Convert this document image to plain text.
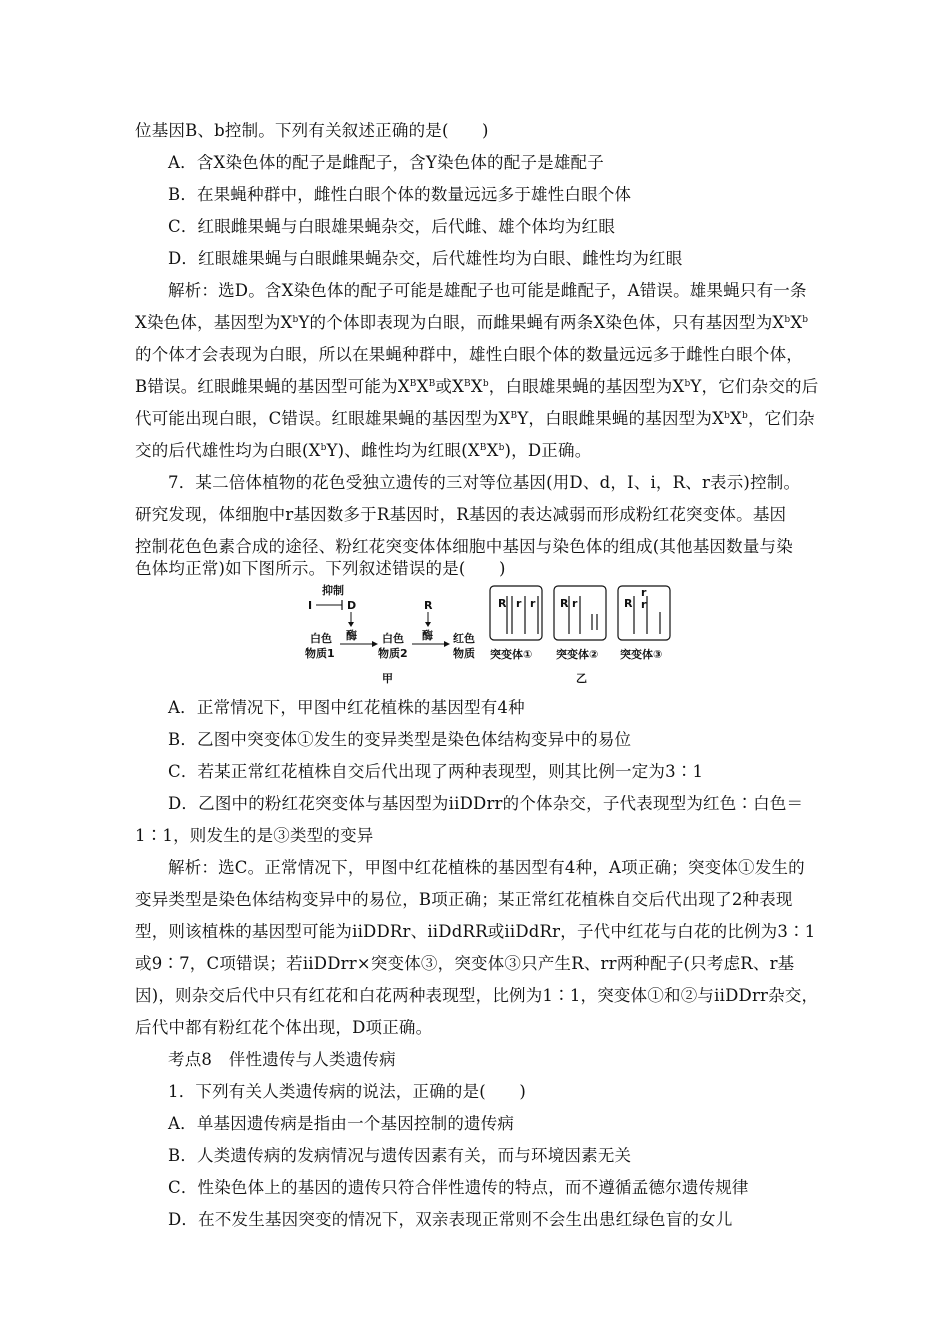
位基因B、b控制。下列有关叙述正确的是(　　)
A．含X染色体的配子是雌配子，含Y染色体的配子是雄配子
B．在果蝇种群中，雌性白眼个体的数量远远多于雄性白眼个体
C．红眼雌果蝇与白眼雄果蝇杂交，后代雌、雄个体均为红眼
D．红眼雄果蝇与白眼雌果蝇杂交，后代雄性均为白眼、雌性均为红眼
解析：选D。含X染色体的配子可能是雄配子也可能是雌配子，A错误。雄果蝇只有一条
X染色体，基因型为$X^bY$的个体即表现为白眼，而雌果蝇有两条X染色体，只有基因型为$X^bX^b$
的个体才会表现为白眼，所以在果蝇种群中，雄性白眼个体的数量远远多于雌性白眼个体，
B错误。红眼雌果蝇的基因型可能为$X^BX^B$或$X^BX^b$，白眼雄果蝇的基因型为$X^bY$，它们杂交的后
代可能出现白眼，C错误。红眼雄果蝇的基因型为$X^BY$，白眼雌果蝇的基因型为$X^bX^b$，它们杂
交的后代雄性均为白眼$(X^bY)$、雌性均为红眼$(X^BX^b)$，D正确。
7．某二倍体植物的花色受独立遗传的三对等位基因(用D、d，I、i，R、r表示)控制。
研究发现，体细胞中r基因数多于R基因时，R基因的表达减弱而形成粉红花突变体。基因
控制花色色素合成的途径、粉红花突变体体细胞中基因与染色体的组成(其他基因数量与染
色体均正常)如下图所示。下列叙述错误的是(　　)
抑制
I	D
酶
R
酶
白色
物质1
白色
物质2
红色
物质
甲
R r r R r	R
r
r
突变体① 突变体② 突变体③
乙
A．正常情况下，甲图中红花植株的基因型有4种
B．乙图中突变体①发生的变异类型是染色体结构变异中的易位
C．若某正常红花植株自交后代出现了两种表现型，则其比例一定为3∶1
D．乙图中的粉红花突变体与基因型为iiDDrr的个体杂交，子代表现型为红色∶白色＝
1∶1，则发生的是③类型的变异
解析：选C。正常情况下，甲图中红花植株的基因型有4种，A项正确；突变体①发生的
变异类型是染色体结构变异中的易位，B项正确；某正常红花植株自交后代出现了2种表现
型，则该植株的基因型可能为iiDDRr、iiDdRR或iiDdRr，子代中红花与白花的比例为3∶1
或9∶7，C项错误；若iiDDrr×突变体③，突变体③只产生R、rr两种配子(只考虑R、r基
因)，则杂交后代中只有红花和白花两种表现型，比例为1∶1，突变体①和②与iiDDrr杂交，
后代中都有粉红花个体出现，D项正确。
考点8　伴性遗传与人类遗传病
1．下列有关人类遗传病的说法，正确的是(　　)
A．单基因遗传病是指由一个基因控制的遗传病
B．人类遗传病的发病情况与遗传因素有关，而与环境因素无关
C．性染色体上的基因的遗传只符合伴性遗传的特点，而不遵循孟德尔遗传规律
D．在不发生基因突变的情况下，双亲表现正常则不会生出患红绿色盲的女儿
